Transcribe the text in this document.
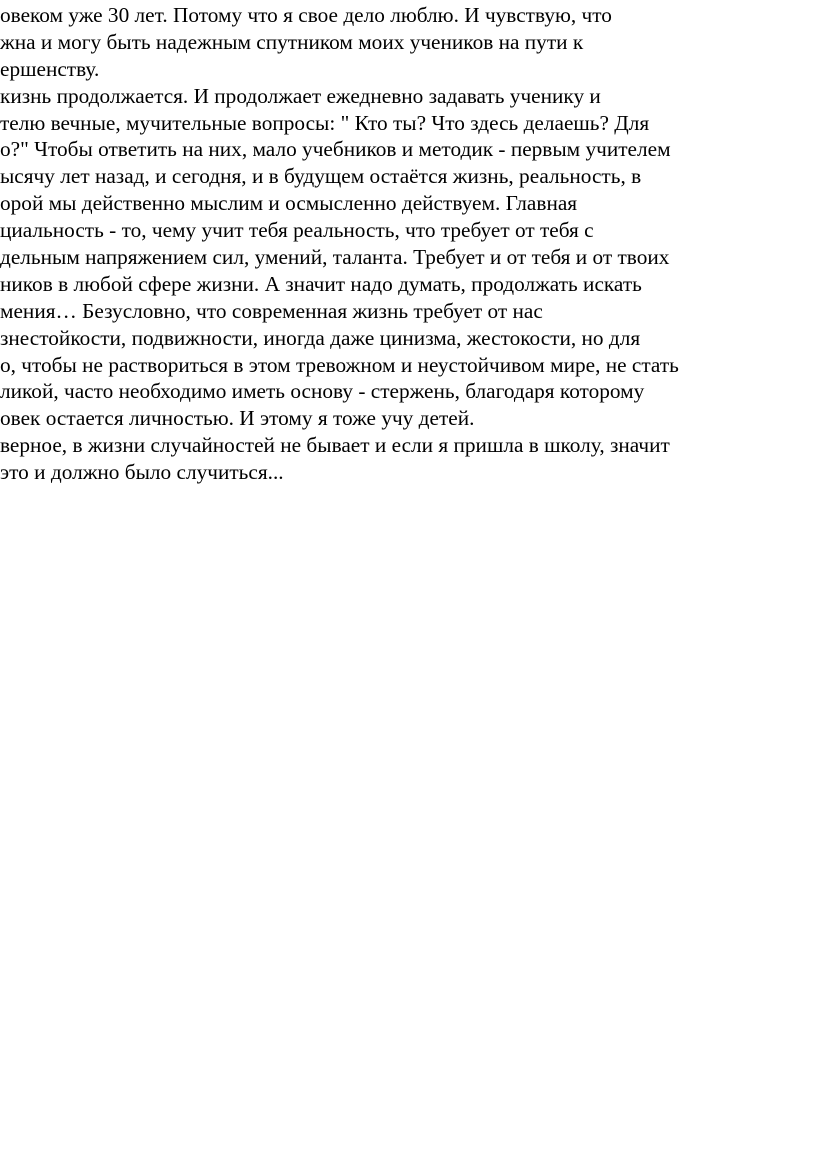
овеком уже 30 лет. Потому что я свое дело люблю. И чувствую, что
жна и могу быть надежным спутником моих учеников на пути к
ершенству.
кизнь продолжается. И продолжает ежедневно задавать ученику и
телю вечные, мучительные вопросы: " Кто ты? Что здесь делаешь? Для
о?" Чтобы ответить на них, мало учебников и методик - первым учителем
ысячу лет назад, и сегодня, и в будущем остаётся жизнь, реальность, в
орой мы действенно мыслим и осмысленно действуем. Главная
циальность - то, чему учит тебя реальность, что требует от тебя с
дельным напряжением сил, умений, таланта. Требует и от тебя и от твоих
ников в любой сфере жизни. А значит надо думать, продолжать искать
мения… Безусловно, что современная жизнь требует от нас
знестойкости, подвижности, иногда даже цинизма, жестокости, но для
о, чтобы не раствориться в этом тревожном и неустойчивом мире, не стать
ликой, часто необходимо иметь основу - стержень, благодаря которому
овек остается личностью. И этому я тоже учу детей.
верное, в жизни случайностей не бывает и если я пришла в школу, значит
это и должно было случиться...
